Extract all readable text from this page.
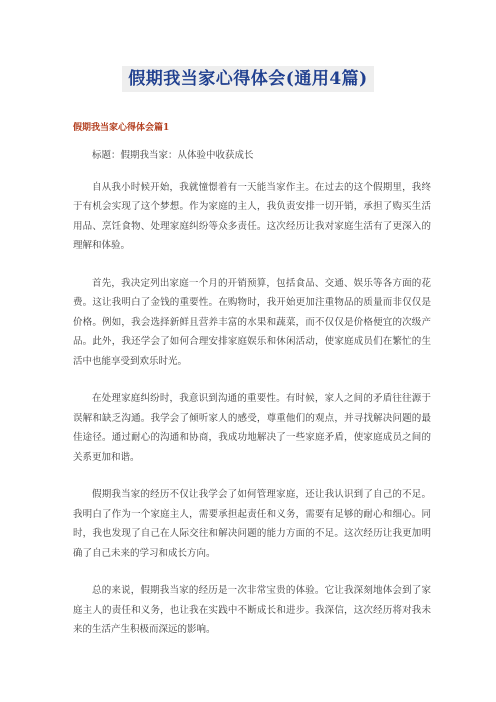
假期我当家心得体会(通用4篇)
假期我当家心得体会篇1

标题：假期我当家：从体验中收获成长

自从我小时候开始，我就憧憬着有一天能当家作主。在过去的这个假期里，我终于有机会实现了这个梦想。作为家庭的主人，我负责安排一切开销，承担了购买生活用品、烹饪食物、处理家庭纠纷等众多责任。这次经历让我对家庭生活有了更深入的理解和体验。

首先，我决定列出家庭一个月的开销预算，包括食品、交通、娱乐等各方面的花费。这让我明白了金钱的重要性。在购物时，我开始更加注重物品的质量而非仅仅是价格。例如，我会选择新鲜且营养丰富的水果和蔬菜，而不仅仅是价格便宜的次级产品。此外，我还学会了如何合理安排家庭娱乐和休闲活动，使家庭成员们在繁忙的生活中也能享受到欢乐时光。

在处理家庭纠纷时，我意识到沟通的重要性。有时候，家人之间的矛盾往往源于误解和缺乏沟通。我学会了倾听家人的感受，尊重他们的观点，并寻找解决问题的最佳途径。通过耐心的沟通和协商，我成功地解决了一些家庭矛盾，使家庭成员之间的关系更加和谐。

假期我当家的经历不仅让我学会了如何管理家庭，还让我认识到了自己的不足。我明白了作为一个家庭主人，需要承担起责任和义务，需要有足够的耐心和细心。同时，我也发现了自己在人际交往和解决问题的能力方面的不足。这次经历让我更加明确了自己未来的学习和成长方向。

总的来说，假期我当家的经历是一次非常宝贵的体验。它让我深刻地体会到了家庭主人的责任和义务，也让我在实践中不断成长和进步。我深信，这次经历将对我未来的生活产生积极而深远的影响。
